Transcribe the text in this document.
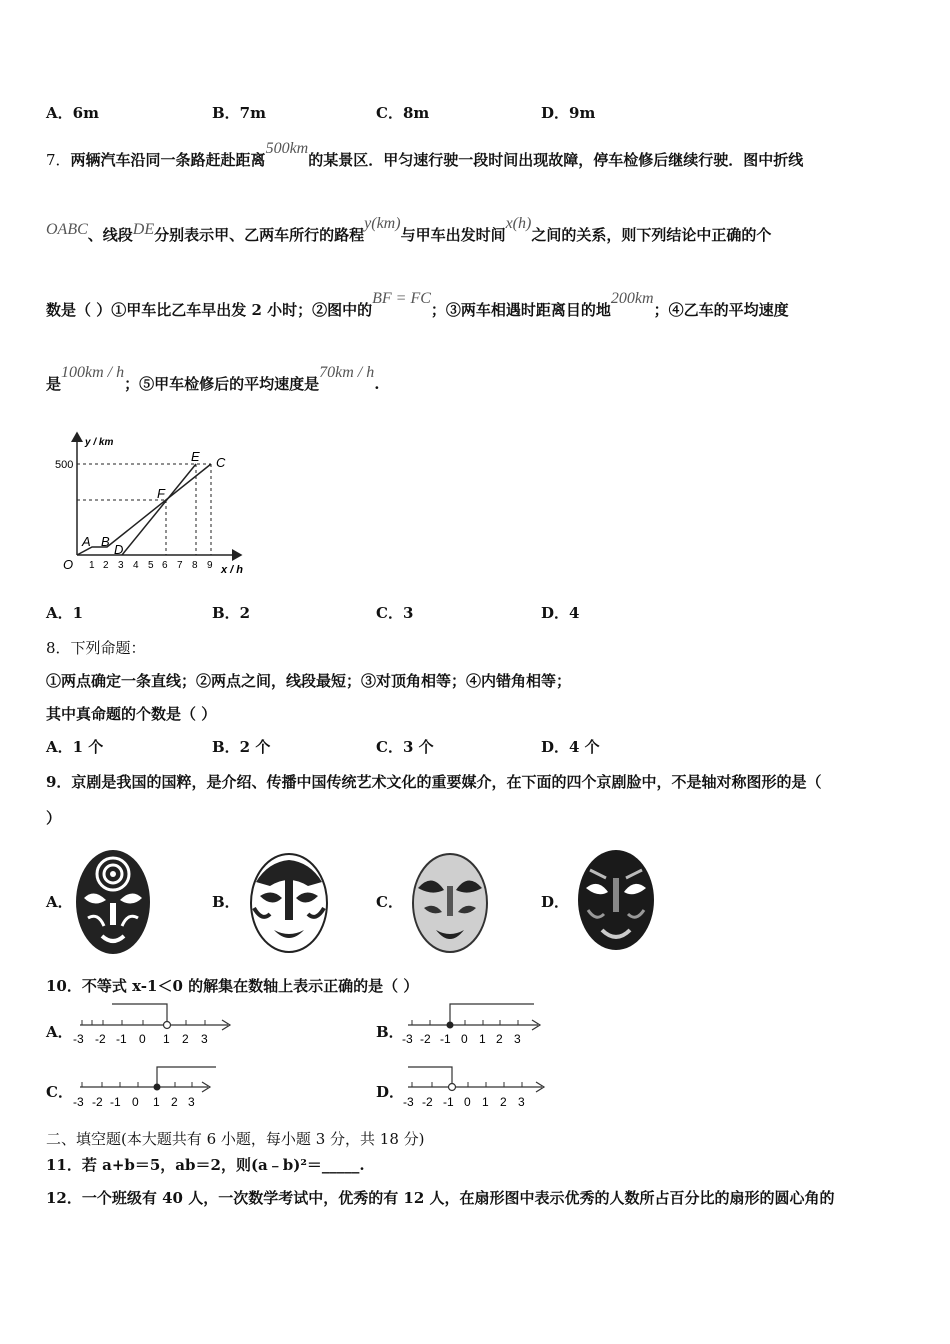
A．6m	B．7m	C．8m	D．9m
7．两辆汽车沿同一条路赶赴距离500km的某景区．甲匀速行驶一段时间出现故障，停车检修后继续行驶．图中折线
OABC、线段DE分别表示甲、乙两车所行的路程y(km)与甲车出发时间x(h)之间的关系，则下列结论中正确的个
数是（ ）①甲车比乙车早出发 2 小时；②图中的BF = FC；③两车相遇时距离目的地200km；④乙车的平均速度
是100km / h；⑤甲车检修后的平均速度是70km / h.
y / km
x / h
500
O
A B
D
F
E C
1 2 3 4 5 6 7 8 9
A．1	B．2	C．3	D．4
8．下列命题：
①两点确定一条直线；②两点之间，线段最短；③对顶角相等；④内错角相等；
其中真命题的个数是（ ）
A．1 个	B．2 个	C．3 个	D．4 个
9．京剧是我国的国粹，是介绍、传播中国传统艺术文化的重要媒介，在下面的四个京剧脸中，不是轴对称图形的是（
）
A．	B．	C．	D．
10．不等式 x-1＜0 的解集在数轴上表示正确的是（ ）
A． -3 -2 -1 0 1 2 3	B．
-3 -2 -1 0 1 2 3
C．
-3 -2 -1 0 1 2 3
D．
-3 -2 -1 0 1 2 3
二、填空题(本大题共有 6 小题，每小题 3 分，共 18 分)
11．若 a+b＝5，ab＝2，则(a﹣b)²＝_____.
12．一个班级有 40 人，一次数学考试中，优秀的有 12 人，在扇形图中表示优秀的人数所占百分比的扇形的圆心角的
